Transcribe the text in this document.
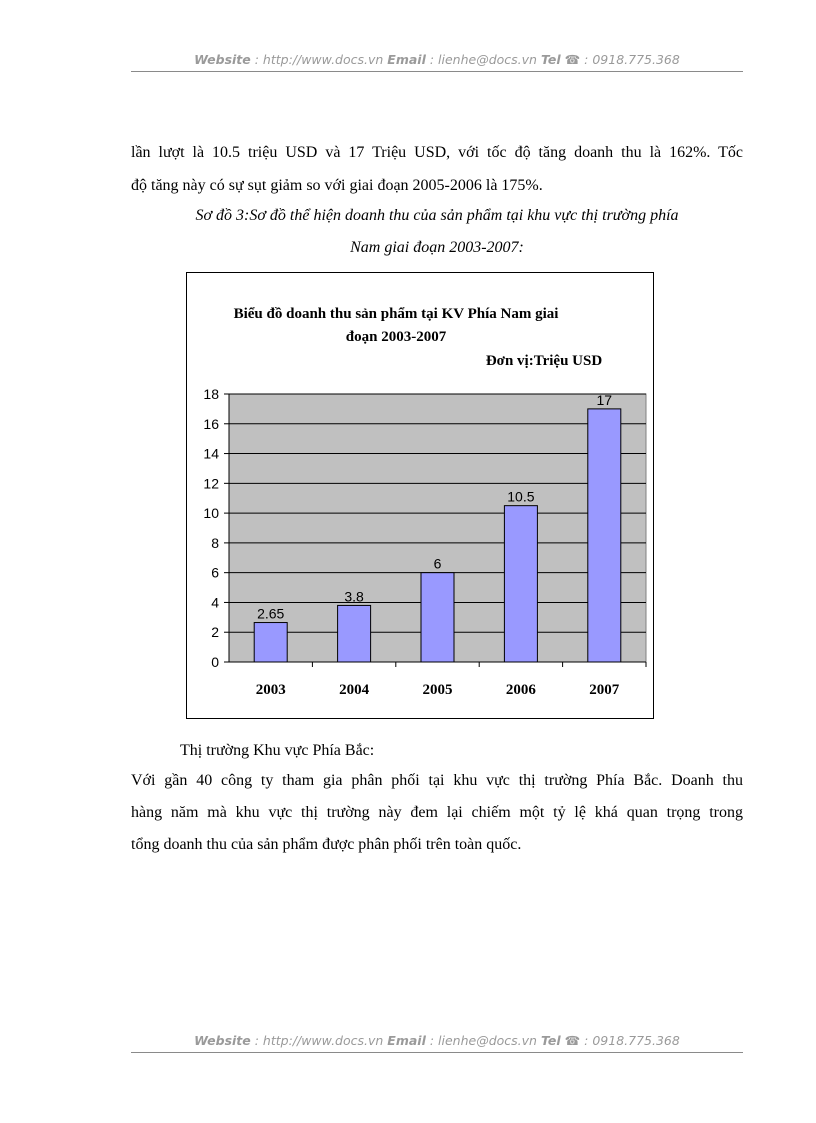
Website : http://www.docs.vn Email : lienhe@docs.vn Tel ☎ : 0918.775.368
lần lượt là 10.5 triệu USD và 17 Triệu USD, với tốc độ tăng doanh thu là 162%. Tốc
độ tăng này có sự sụt giảm so với giai đoạn 2005-2006 là 175%.
Sơ đồ 3:Sơ đồ thể hiện doanh thu của sản phẩm tại khu vực thị trường phía
Nam giai đoạn 2003-2007:
Biểu đồ doanh thu sản phẩm tại KV Phía Nam giai
đoạn 2003-2007
Đơn vị:Triệu USD
0
2
4
6
8
10
12
14
16
18
2.65
2003
3.8
2004
6
2005
10.5
2006
17
2007
Thị trường Khu vực Phía Bắc:
Với gần 40 công ty tham gia phân phối tại khu vực thị trường Phía Bắc. Doanh thu
hàng năm mà khu vực thị trường này đem lại chiếm một tỷ lệ khá quan trọng trong
tổng doanh thu của sản phẩm được phân phối trên toàn quốc.
Website : http://www.docs.vn Email : lienhe@docs.vn Tel ☎ : 0918.775.368
